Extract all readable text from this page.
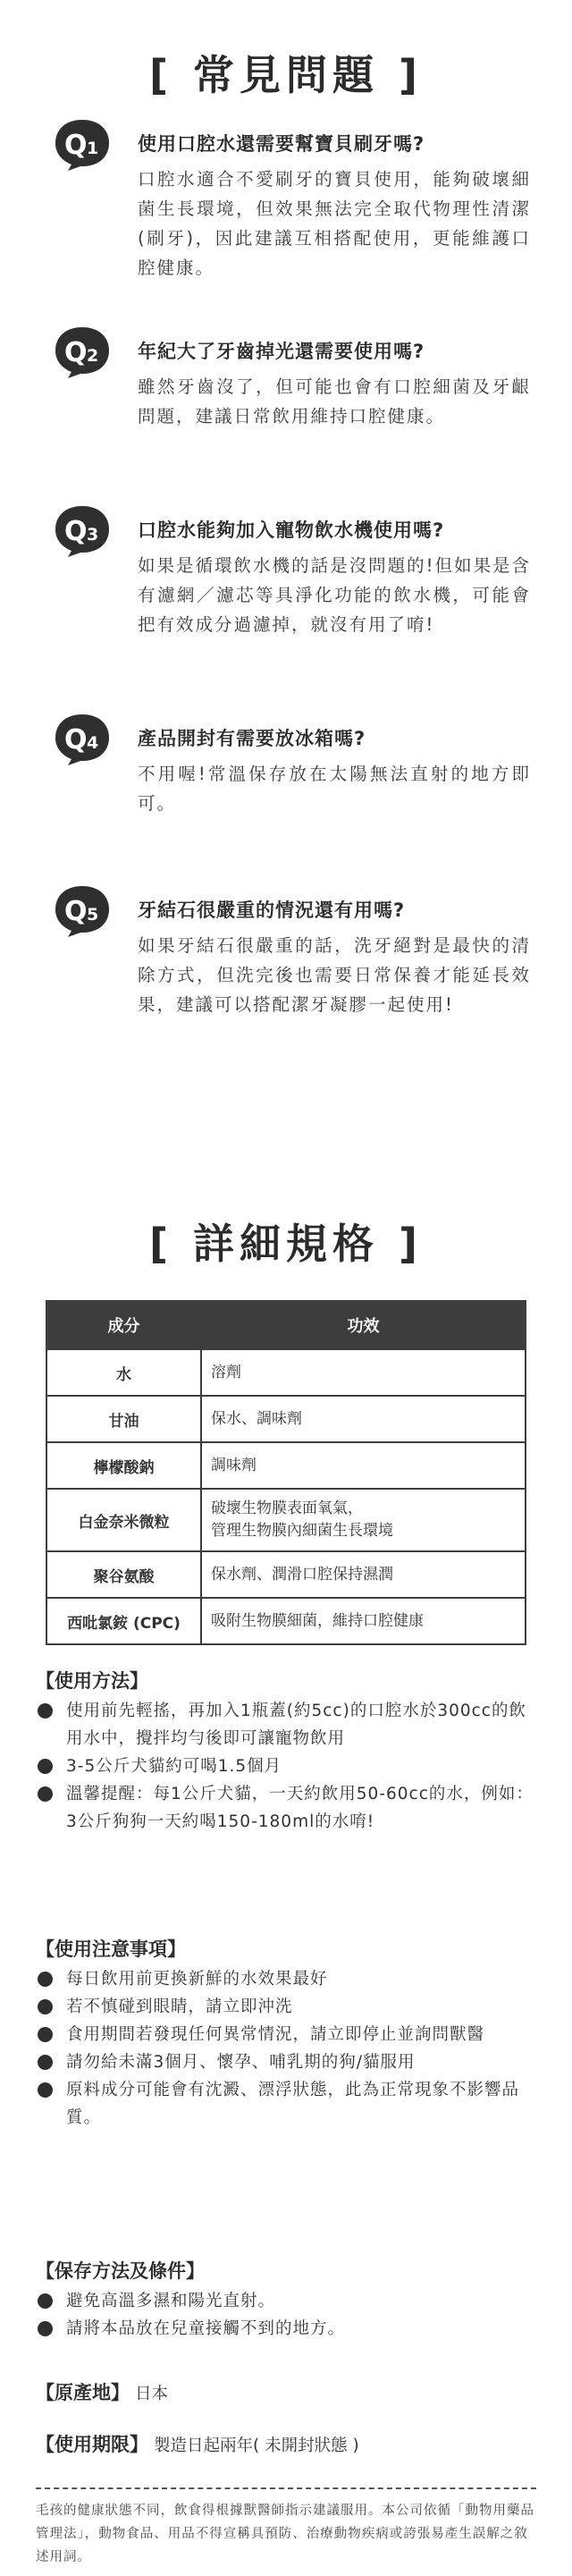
[ 常見問題 ]
Q 1 使用口腔水還需要幫寶貝刷牙嗎?
口腔水適合不愛刷牙的寶貝使用，能夠破壞細菌生長環境，但效果無法完全取代物理性清潔(刷牙)，因此建議互相搭配使用，更能維護口腔健康。
Q 2 年紀大了牙齒掉光還需要使用嗎?
雖然牙齒沒了，但可能也會有口腔細菌及牙齦問題，建議日常飲用維持口腔健康。
Q 3 口腔水能夠加入寵物飲水機使用嗎?
如果是循環飲水機的話是沒問題的!但如果是含有濾網／濾芯等具淨化功能的飲水機，可能會把有效成分過濾掉，就沒有用了唷!
Q 4 產品開封有需要放冰箱嗎?
不用喔!常溫保存放在太陽無法直射的地方即可。
Q 5 牙結石很嚴重的情況還有用嗎?
如果牙結石很嚴重的話，洗牙絕對是最快的清除方式，但洗完後也需要日常保養才能延長效果，建議可以搭配潔牙凝膠一起使用!
[ 詳細規格 ]
成分	功效
水	溶劑
甘油	保水、調味劑
檸檬酸鈉	調味劑
白金奈米微粒	破壞生物膜表面氧氣，
管理生物膜內細菌生長環境

聚谷氨酸	保水劑、潤滑口腔保持濕潤
西吡氯銨 (CPC)	吸附生物膜細菌，維持口腔健康
【使用方法】
使用前先輕搖，再加入1瓶蓋(約5cc)的口腔水於300cc的飲用水中，攪拌均勻後即可讓寵物飲用
3-5公斤犬貓約可喝1.5個月
溫馨提醒：每1公斤犬貓，一天約飲用50-60cc的水，例如：3公斤狗狗一天約喝150-180ml的水唷!
【使用注意事項】
每日飲用前更換新鮮的水效果最好
若不慎碰到眼睛，請立即沖洗
食用期間若發現任何異常情況，請立即停止並詢問獸醫
請勿給未滿3個月、懷孕、哺乳期的狗/貓服用
原料成分可能會有沈澱、漂浮狀態，此為正常現象不影響品質。
【保存方法及條件】
避免高溫多濕和陽光直射。
請將本品放在兒童接觸不到的地方。
【原產地】 日本
【使用期限】 製造日起兩年( 未開封狀態 )
毛孩的健康狀態不同，飲食得根據獸醫師指示建議服用。本公司依循「動物用藥品管理法」，動物食品、用品不得宣稱具預防、治療動物疾病或誇張易產生誤解之敘述用詞。
